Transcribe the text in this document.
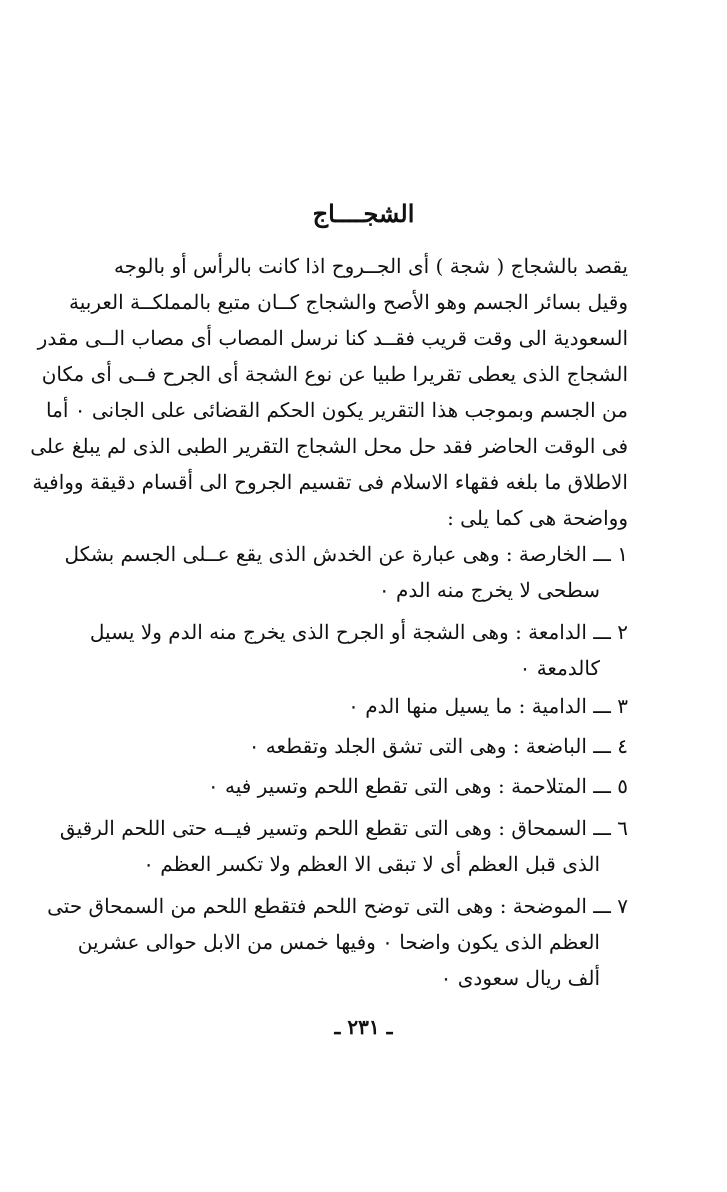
الشجــــاج
يقصد بالشجاج ( شجة ) أى الجــروح اذا كانت بالرأس أو بالوجه
وقيل بسائر الجسم وهو الأصح والشجاج كــان متبع بالمملكــة العربية
السعودية الى وقت قريب فقــد كنا نرسل المصاب أى مصاب الــى مقدر
الشجاج الذى يعطى تقريرا طبيا عن نوع الشجة أى الجرح فــى أى مكان
من الجسم وبموجب هذا التقرير يكون الحكم القضائى على الجانى ٠ أما
فى الوقت الحاضر فقد حل محل الشجاج التقرير الطبى الذى لم يبلغ على
الاطلاق ما بلغه فقهاء الاسلام فى تقسيم الجروح الى أقسام دقيقة ووافية
وواضحة هى كما يلى :
١ ـــ الخارصة : وهى عبارة عن الخدش الذى يقع عــلى الجسم بشكل
سطحى لا يخرج منه الدم ٠
٢ ـــ الدامعة : وهى الشجة أو الجرح الذى يخرج منه الدم ولا يسيل
كالدمعة ٠
٣ ـــ الدامية : ما يسيل منها الدم ٠
٤ ـــ الباضعة : وهى التى تشق الجلد وتقطعه ٠
٥ ـــ المتلاحمة : وهى التى تقطع اللحم وتسير فيه ٠
٦ ـــ السمحاق : وهى التى تقطع اللحم وتسير فيــه حتى اللحم الرقيق
الذى قبل العظم أى لا تبقى الا العظم ولا تكسر العظم ٠
٧ ـــ الموضحة : وهى التى توضح اللحم فتقطع اللحم من السمحاق حتى
العظم الذى يكون واضحا ٠ وفيها خمس من الابل حوالى عشرين
ألف ريال سعودى ٠
ـ ٢٣١ ـ
